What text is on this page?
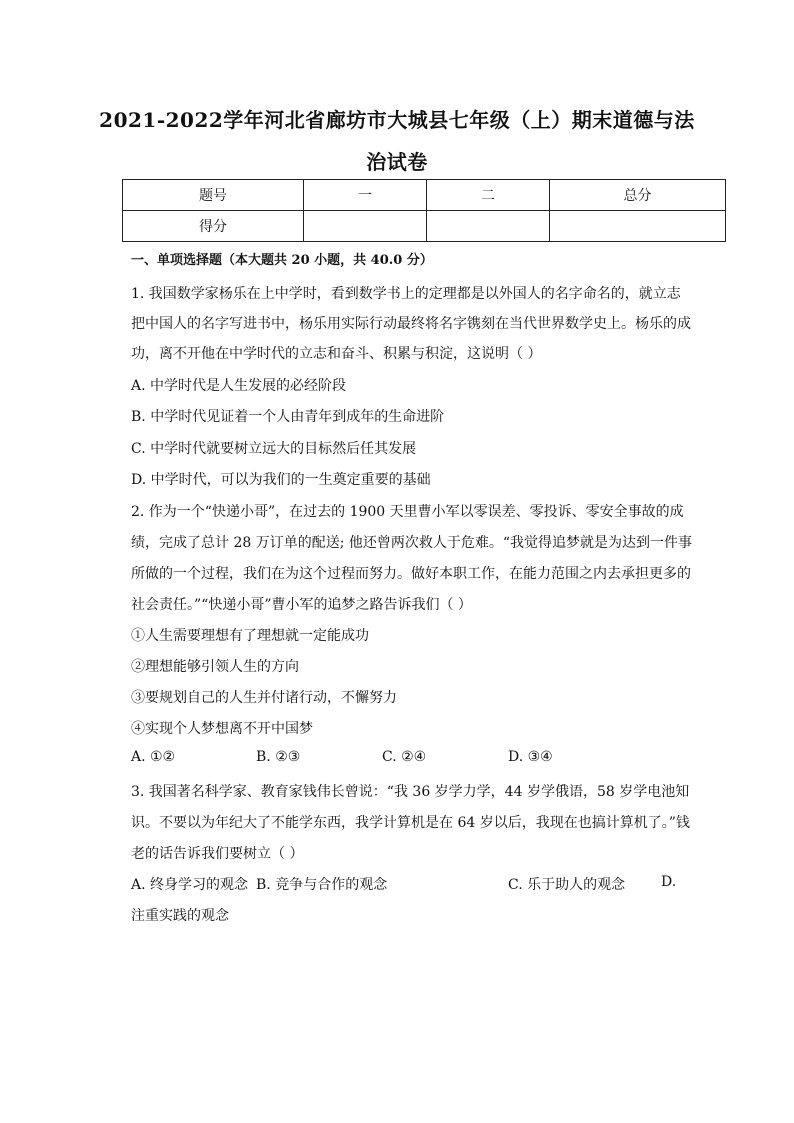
2021-2022学年河北省廊坊市大城县七年级（上）期末道德与法
治试卷
题号	一	二	总分
得分			
一、单项选择题（本大题共 20 小题，共 40.0 分）
1. 我国数学家杨乐在上中学时，看到数学书上的定理都是以外国人的名字命名的，就立志
把中国人的名字写进书中，杨乐用实际行动最终将名字镌刻在当代世界数学史上。杨乐的成
功，离不开他在中学时代的立志和奋斗、积累与积淀，这说明（ ）
A. 中学时代是人生发展的必经阶段
B. 中学时代见证着一个人由青年到成年的生命进阶
C. 中学时代就要树立远大的目标然后任其发展
D. 中学时代，可以为我们的一生奠定重要的基础
2. 作为一个“快递小哥”，在过去的 1900 天里曹小军以零误差、零投诉、零安全事故的成
绩，完成了总计 28 万订单的配送; 他还曾两次救人于危难。“我觉得追梦就是为达到一件事
所做的一个过程，我们在为这个过程而努力。做好本职工作，在能力范围之内去承担更多的
社会责任。”“快递小哥”曹小军的追梦之路告诉我们（ ）
①人生需要理想有了理想就一定能成功
②理想能够引领人生的方向
③要规划自己的人生并付诸行动，不懈努力
④实现个人梦想离不开中国梦
A. ①②	B. ②③	C. ②④	D. ③④
3. 我国著名科学家、教育家钱伟长曾说：“我 36 岁学力学，44 岁学俄语，58 岁学电池知
识。不要以为年纪大了不能学东西，我学计算机是在 64 岁以后，我现在也搞计算机了。”钱
老的话告诉我们要树立（ ）
A. 终身学习的观念 B. 竞争与合作的观念	C. 乐于助人的观念	D.
注重实践的观念
